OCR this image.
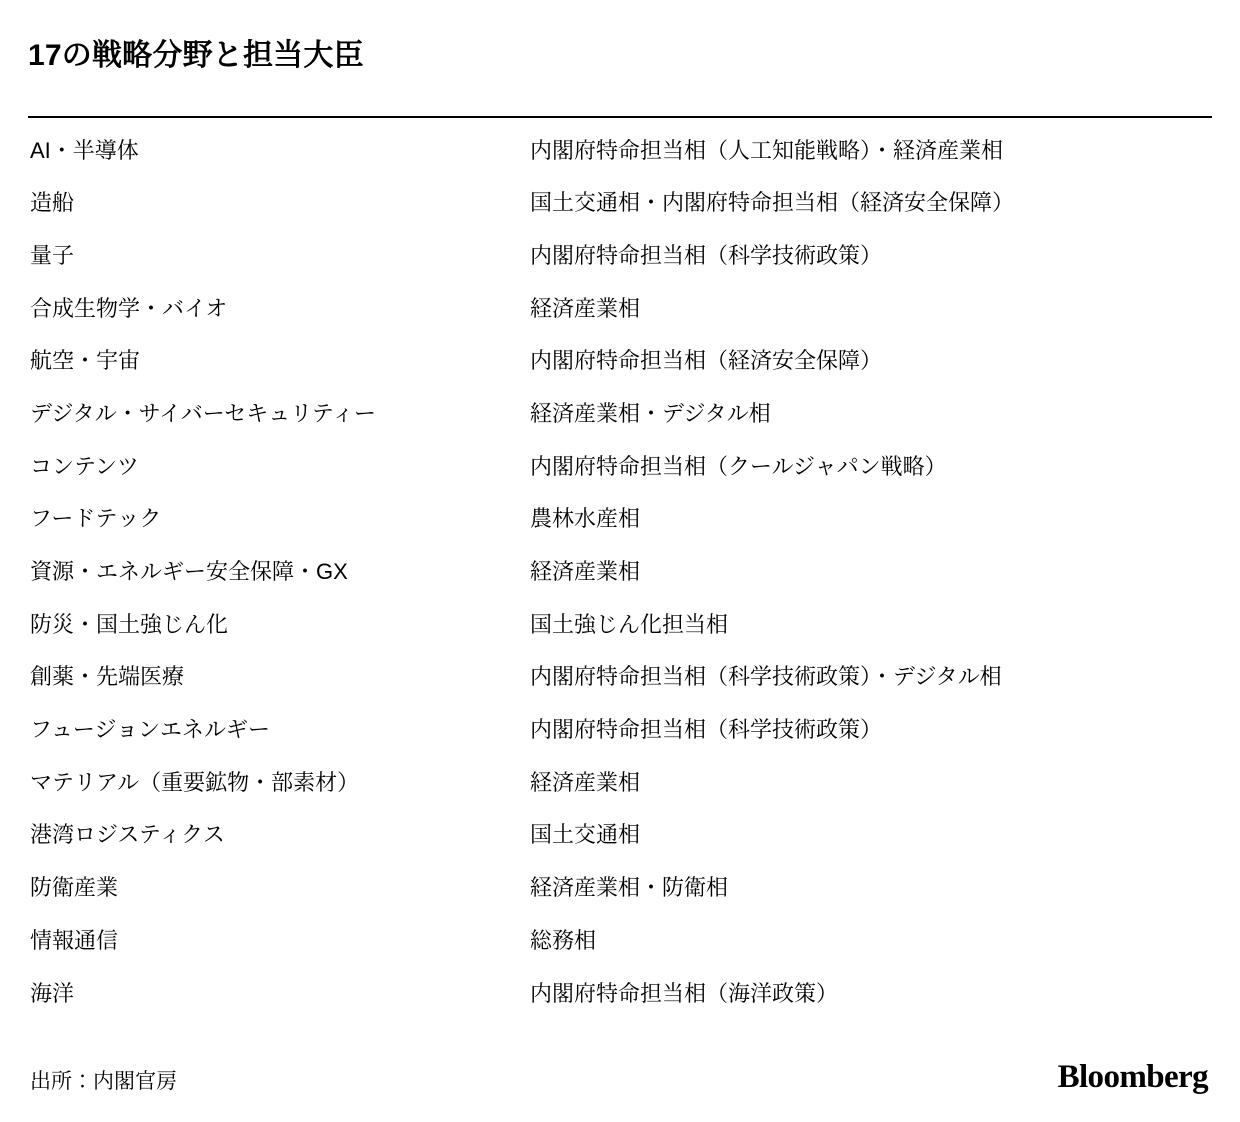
17の戦略分野と担当大臣
AI・半導体	内閣府特命担当相（人工知能戦略）・経済産業相
造船	国土交通相・内閣府特命担当相（経済安全保障）
量子	内閣府特命担当相（科学技術政策）
合成生物学・バイオ	経済産業相
航空・宇宙	内閣府特命担当相（経済安全保障）
デジタル・サイバーセキュリティー	経済産業相・デジタル相
コンテンツ	内閣府特命担当相（クールジャパン戦略）
フードテック	農林水産相
資源・エネルギー安全保障・GX	経済産業相
防災・国土強じん化	国土強じん化担当相
創薬・先端医療	内閣府特命担当相（科学技術政策）・デジタル相
フュージョンエネルギー	内閣府特命担当相（科学技術政策）
マテリアル（重要鉱物・部素材）	経済産業相
港湾ロジスティクス	国土交通相
防衛産業	経済産業相・防衛相
情報通信	総務相
海洋	内閣府特命担当相（海洋政策）
出所：内閣官房	Bloomberg
